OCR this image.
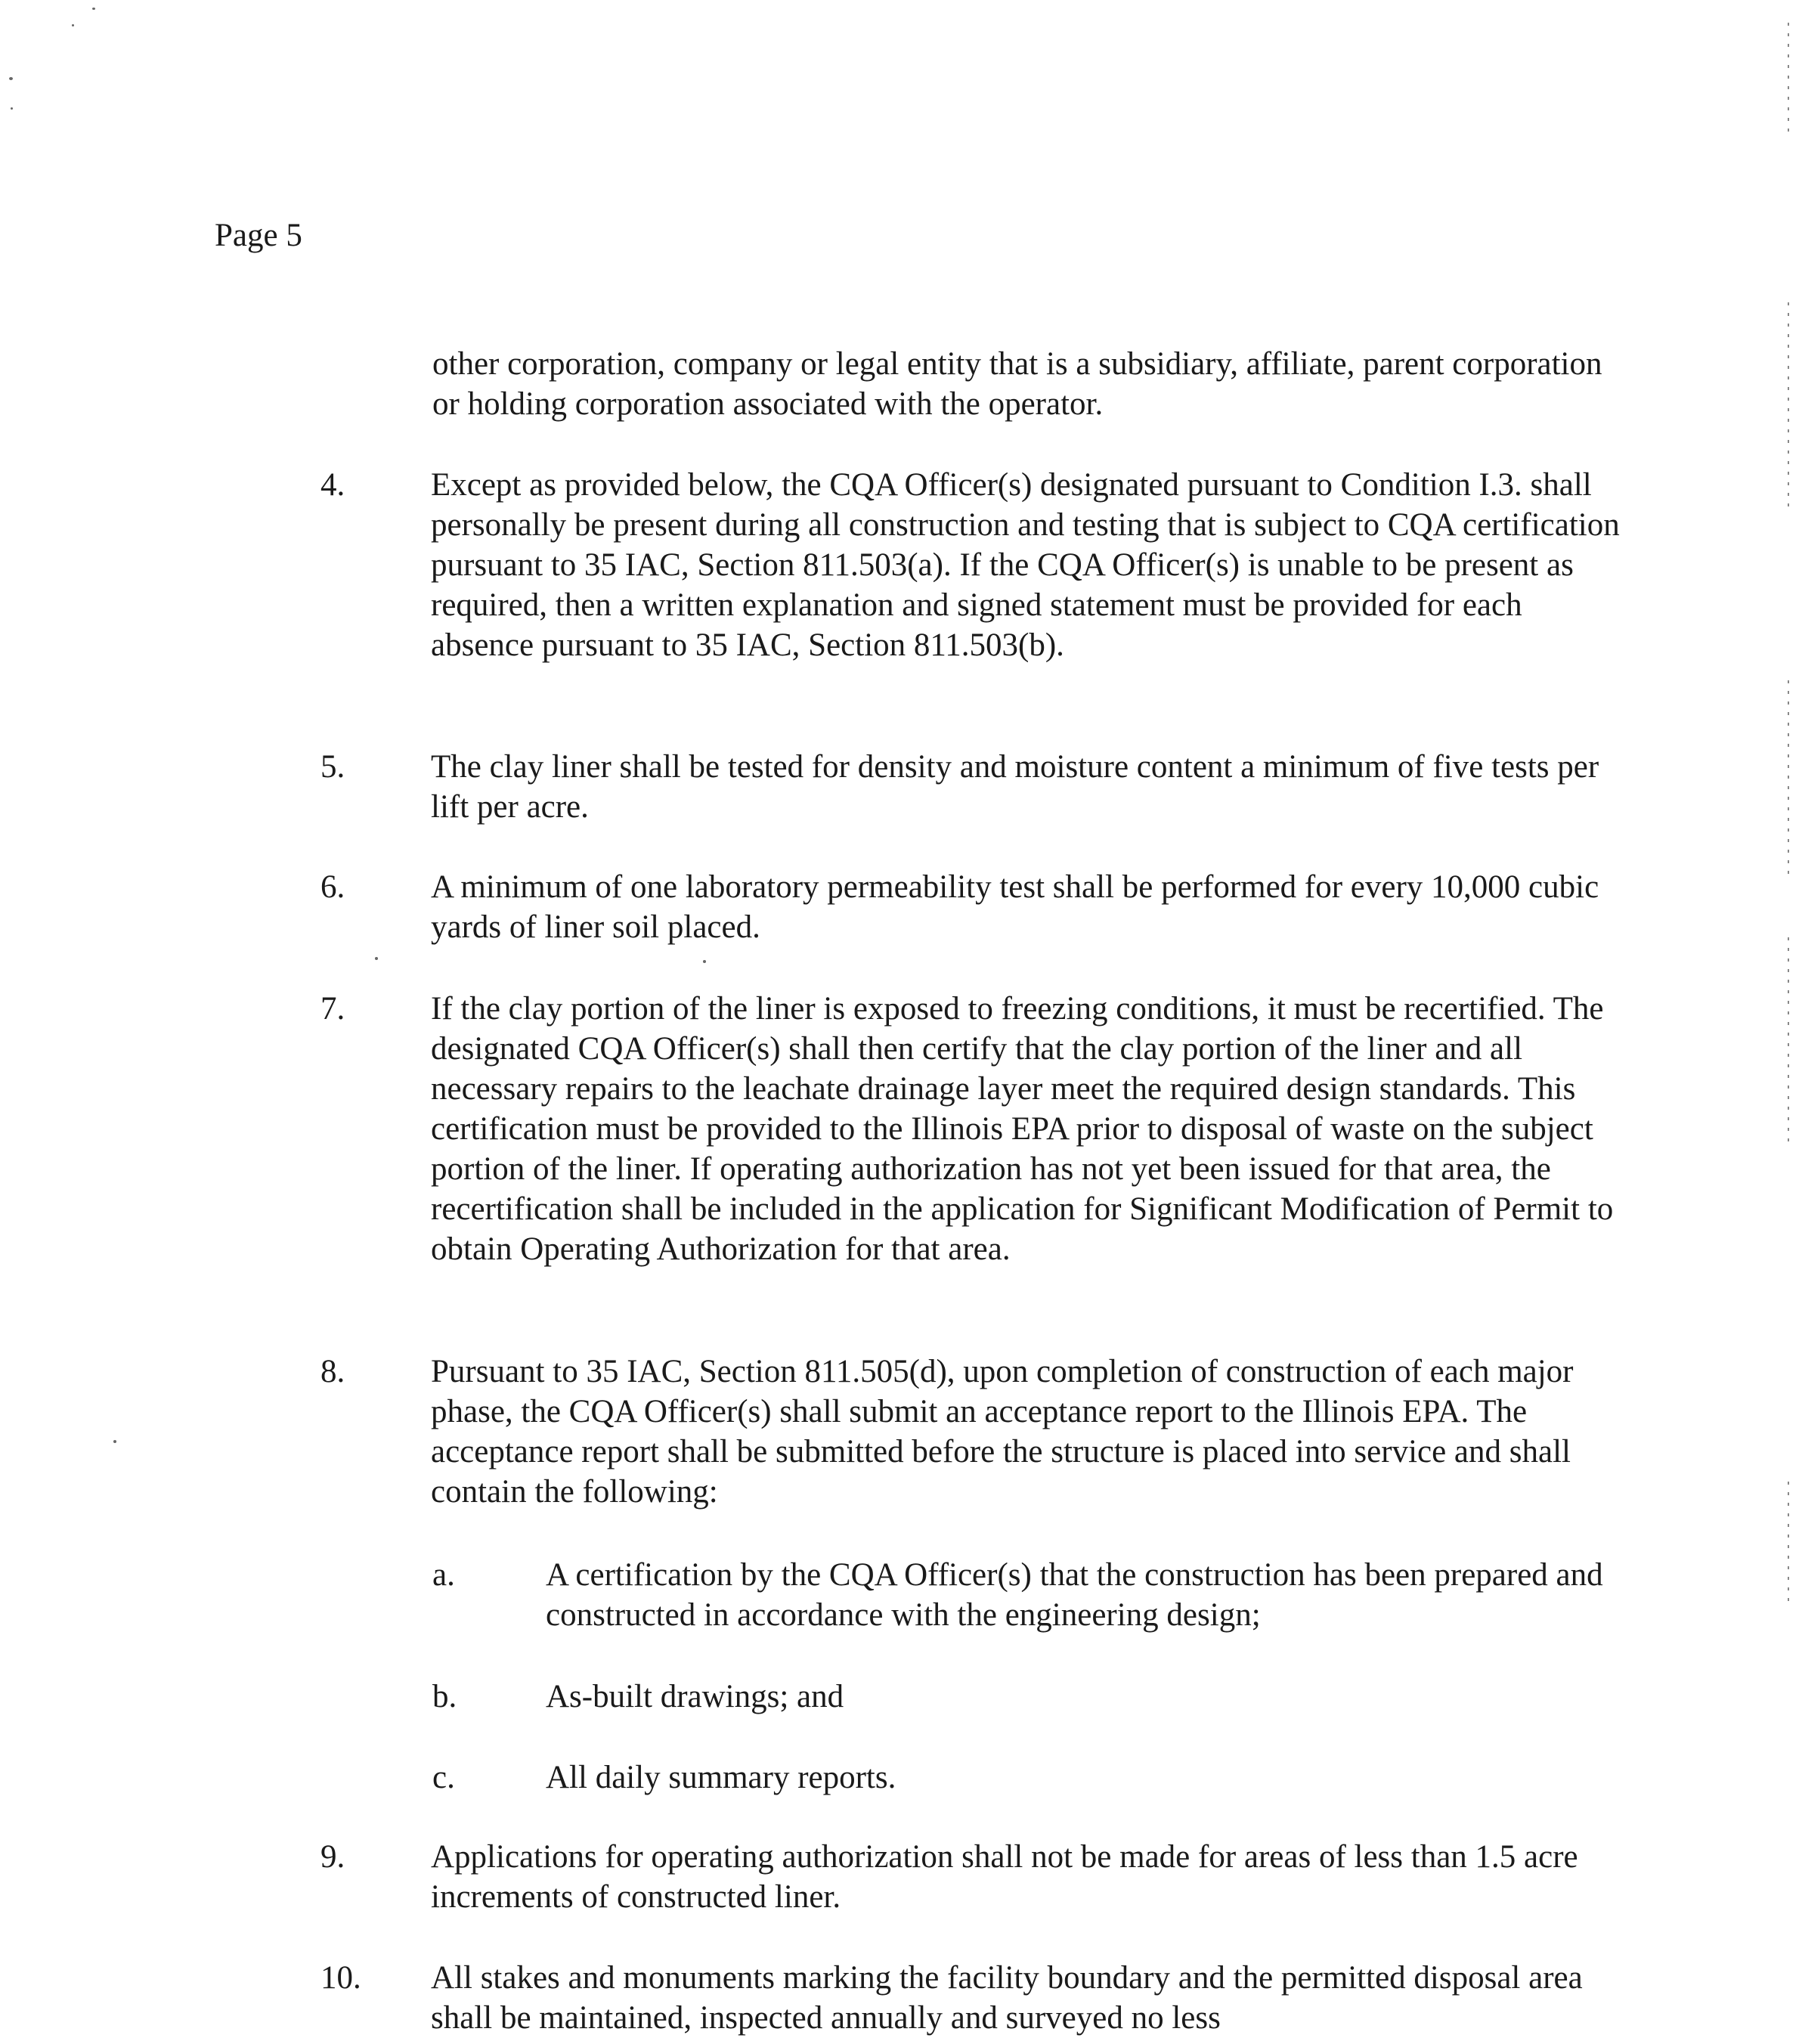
Page 5

other corporation, company or legal entity that is a subsidiary, affiliate, parent corporation or holding corporation associated with the operator.

4.	Except as provided below, the CQA Officer(s) designated pursuant to Condition I.3. shall personally be present during all construction and testing that is subject to CQA certification pursuant to 35 IAC, Section 811.503(a). If the CQA Officer(s) is unable to be present as required, then a written explanation and signed statement must be provided for each absence pursuant to 35 IAC, Section 811.503(b).

5.	The clay liner shall be tested for density and moisture content a minimum of five tests per lift per acre.

6.	A minimum of one laboratory permeability test shall be performed for every 10,000 cubic yards of liner soil placed.

7.	If the clay portion of the liner is exposed to freezing conditions, it must be recertified. The designated CQA Officer(s) shall then certify that the clay portion of the liner and all necessary repairs to the leachate drainage layer meet the required design standards. This certification must be provided to the Illinois EPA prior to disposal of waste on the subject portion of the liner. If operating authorization has not yet been issued for that area, the recertification shall be included in the application for Significant Modification of Permit to obtain Operating Authorization for that area.

8.	Pursuant to 35 IAC, Section 811.505(d), upon completion of construction of each major phase, the CQA Officer(s) shall submit an acceptance report to the Illinois EPA. The acceptance report shall be submitted before the structure is placed into service and shall contain the following:

a.	A certification by the CQA Officer(s) that the construction has been prepared and constructed in accordance with the engineering design;

b.	As-built drawings; and

c.	All daily summary reports.

9.	Applications for operating authorization shall not be made for areas of less than 1.5 acre increments of constructed liner.

10. All stakes and monuments marking the facility boundary and the permitted disposal area shall be maintained, inspected annually and surveyed no less
